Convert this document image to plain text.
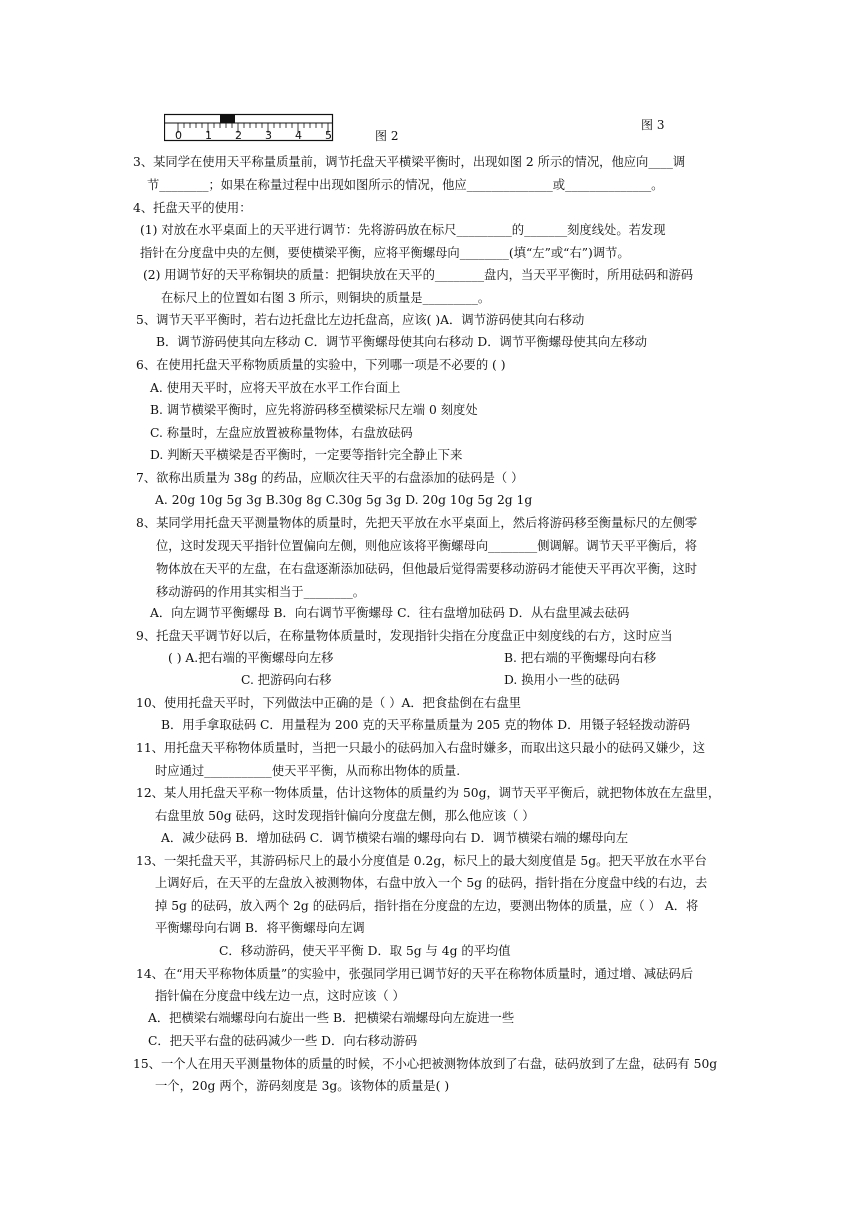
0 1 2 3 4 5	图 2
图 3
3、某同学在使用天平称量质量前，调节托盘天平横梁平衡时，出现如图 2 所示的情况，他应向____调
节________；如果在称量过程中出现如图所示的情况，他应______________或______________。
4、托盘天平的使用：
(1) 对放在水平桌面上的天平进行调节：先将游码放在标尺_________的_______刻度线处。若发现
指针在分度盘中央的左侧，要使横梁平衡，应将平衡螺母向________(填“左”或“右”)调节。
(2) 用调节好的天平称铜块的质量：把铜块放在天平的________盘内，当天平平衡时，所用砝码和游码
在标尺上的位置如右图 3 所示，则铜块的质量是_________。
5、调节天平平衡时，若右边托盘比左边托盘高，应该( )A．调节游码使其向右移动
B．调节游码使其向左移动 C．调节平衡螺母使其向右移动 D．调节平衡螺母使其向左移动
6、在使用托盘天平称物质质量的实验中，下列哪一项是不必要的 ( )
A. 使用天平时，应将天平放在水平工作台面上
B. 调节横梁平衡时，应先将游码移至横梁标尺左端 0 刻度处
C. 称量时，左盘应放置被称量物体，右盘放砝码
D. 判断天平横梁是否平衡时，一定要等指针完全静止下来
7、欲称出质量为 38g 的药品，应顺次往天平的右盘添加的砝码是（ ）
A. 20g 10g 5g 3g B.30g 8g C.30g 5g 3g D. 20g 10g 5g 2g 1g
8、某同学用托盘天平测量物体的质量时，先把天平放在水平桌面上，然后将游码移至衡量标尺的左侧零
位，这时发现天平指针位置偏向左侧，则他应该将平衡螺母向________侧调解。调节天平平衡后，将
物体放在天平的左盘，在右盘逐渐添加砝码，但他最后觉得需要移动游码才能使天平再次平衡，这时
移动游码的作用其实相当于________。
A．向左调节平衡螺母 B．向右调节平衡螺母 C．往右盘增加砝码 D．从右盘里减去砝码
9、托盘天平调节好以后，在称量物体质量时，发现指针尖指在分度盘正中刻度线的右方，这时应当
( ) A.把右端的平衡螺母向左移	B. 把右端的平衡螺母向右移
C. 把游码向右移	D. 换用小一些的砝码
10、使用托盘天平时，下列做法中正确的是（ ）A．把食盐倒在右盘里
B．用手拿取砝码 C．用量程为 200 克的天平称量质量为 205 克的物体 D．用镊子轻轻拨动游码
11、用托盘天平称物体质量时，当把一只最小的砝码加入右盘时嫌多，而取出这只最小的砝码又嫌少，这
时应通过___________使天平平衡，从而称出物体的质量.
12、某人用托盘天平称一物体质量，估计这物体的质量约为 50g，调节天平平衡后，就把物体放在左盘里，
右盘里放 50g 砝码，这时发现指针偏向分度盘左侧，那么他应该（ ）
A．减少砝码 B．增加砝码 C．调节横梁右端的螺母向右 D．调节横梁右端的螺母向左
13、一架托盘天平，其游码标尺上的最小分度值是 0.2g，标尺上的最大刻度值是 5g。把天平放在水平台
上调好后，在天平的左盘放入被测物体，右盘中放入一个 5g 的砝码，指针指在分度盘中线的右边，去
掉 5g 的砝码，放入两个 2g 的砝码后，指针指在分度盘的左边，要测出物体的质量，应（ ） A．将
平衡螺母向右调 B．将平衡螺母向左调
C．移动游码，使天平平衡 D．取 5g 与 4g 的平均值
14、在“用天平称物体质量”的实验中，张强同学用已调节好的天平在称物体质量时，通过增、减砝码后
指针偏在分度盘中线左边一点，这时应该（ ）
A．把横梁右端螺母向右旋出一些 B．把横梁右端螺母向左旋进一些
C．把天平右盘的砝码减少一些 D．向右移动游码
15、一个人在用天平测量物体的质量的时候，不小心把被测物体放到了右盘，砝码放到了左盘，砝码有 50g
一个，20g 两个，游码刻度是 3g。该物体的质量是( )
